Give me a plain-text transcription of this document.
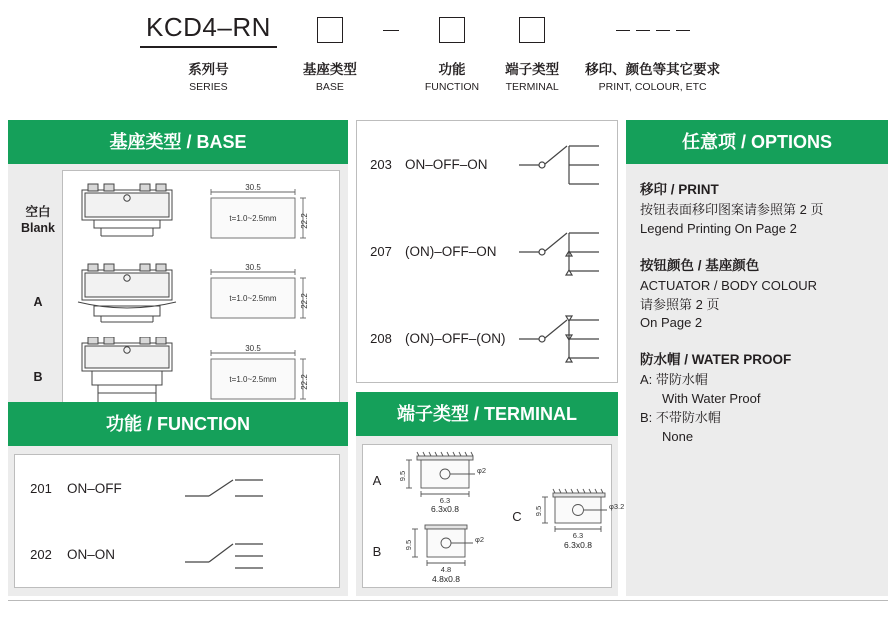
KCD4–RN
系列号
SERIES
基座类型
BASE
功能
FUNCTION
端子类型
TERMINAL
移印、颜色等其它要求
PRINT, COLOUR, ETC
基座类型 / BASE
空白
Blank
A
B
30.5
t=1.0~2.5mm	22.2
30.5
t=1.0~2.5mm	22.2
30.5
t=1.0~2.5mm	22.2
功能 / FUNCTION
201	ON–OFF
202	ON–ON
203 ON–OFF–ON
207 (ON)–OFF–ON
208 (ON)–OFF–(ON)
端子类型 / TERMINAL
A	9.5
φ2
6.3
6.3x0.8
B	9.5
φ2
4.8
4.8x0.8
C	9.5	φ3.2
6.3
6.3x0.8
任意项 / OPTIONS
移印 / PRINT
按钮表面移印图案请参照第 2 页
Legend Printing On Page 2
按钮颜色 / 基座颜色
ACTUATOR / BODY COLOUR
请参照第 2 页
On Page 2
防水帽 / WATER PROOF
A: 带防水帽
With Water Proof
B: 不带防水帽
None
